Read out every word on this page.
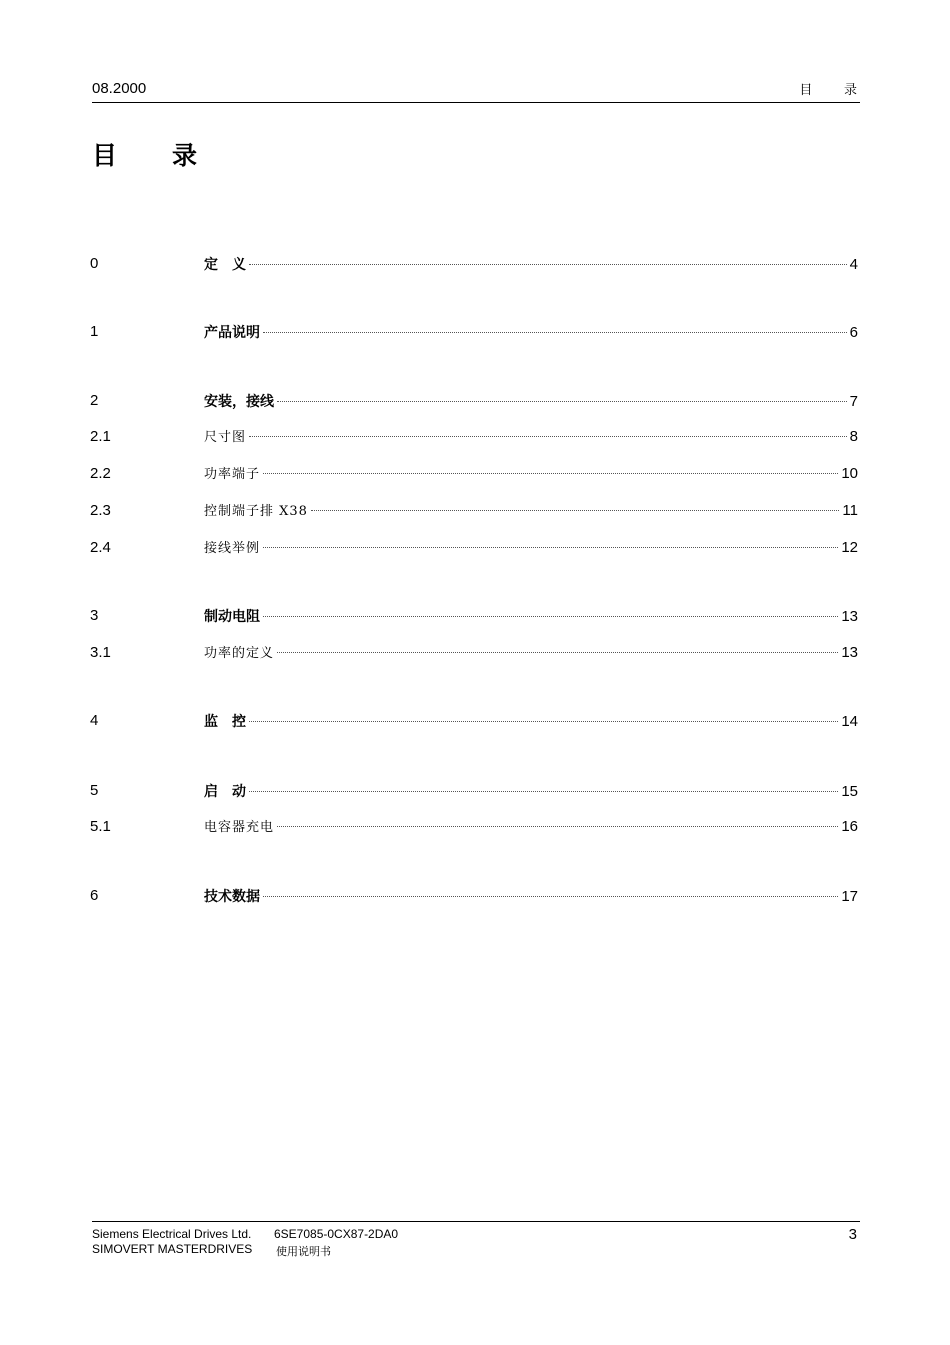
08.2000	目 录
目 录
0	定　义	4
1	产品说明	6
2	安装，接线	7
2.1	尺寸图	8
2.2	功率端子	10
2.3	控制端子排 X38	11
2.4	接线举例	12
3	制动电阻	13
3.1	功率的定义	13
4	监　控	14
5	启　动	15
5.1	电容器充电	16
6	技术数据	17
Siemens Electrical Drives Ltd. 6SE7085-0CX87-2DA0
SIMOVERT MASTERDRIVES 使用说明书
3
